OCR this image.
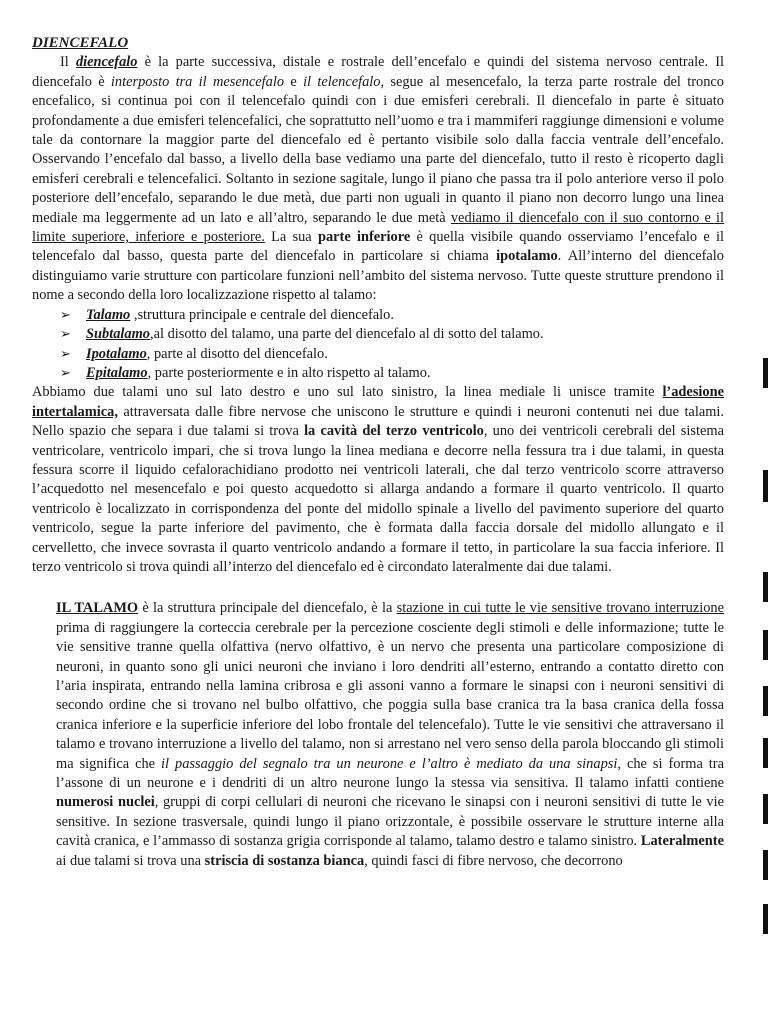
DIENCEFALO

Il diencefalo è la parte successiva, distale e rostrale dell’encefalo e quindi del sistema nervoso centrale. Il diencefalo è interposto tra il mesencefalo e il telencefalo, segue al mesencefalo, la terza parte rostrale del tronco encefalico, si continua poi con il telencefalo quindi con i due emisferi cerebrali. Il diencefalo in parte è situato profondamente a due emisferi telencefalici, che soprattutto nell’uomo e tra i mammiferi raggiunge dimensioni e volume tale da contornare la maggior parte del diencefalo ed è pertanto visibile solo dalla faccia ventrale dell’encefalo. Osservando l’encefalo dal basso, a livello della base vediamo una parte del diencefalo, tutto il resto è ricoperto dagli emisferi cerebrali e telencefalici. Soltanto in sezione sagitale, lungo il piano che passa tra il polo anteriore verso il polo posteriore dell’encefalo, separando le due metà, due parti non uguali in quanto il piano non decorro lungo una linea mediale ma leggermente ad un lato e all’altro, separando le due metà vediamo il diencefalo con il suo contorno e il limite superiore, inferiore e posteriore. La sua parte inferiore è quella visibile quando osserviamo l’encefalo e il telencefalo dal basso, questa parte del diencefalo in particolare si chiama ipotalamo. All’interno del diencefalo distinguiamo varie strutture con particolare funzioni nell’ambito del sistema nervoso. Tutte queste strutture prendono il nome a secondo della loro localizzazione rispetto al talamo:

➢ Talamo ,struttura principale e centrale del diencefalo.
➢ Subtalamo,al disotto del talamo, una parte del diencefalo al di sotto del talamo.
➢ Ipotalamo, parte al disotto del diencefalo.
➢ Epitalamo, parte posteriormente e in alto rispetto al talamo.

Abbiamo due talami uno sul lato destro e uno sul lato sinistro, la linea mediale li unisce tramite l’adesione intertalamica, attraversata dalle fibre nervose che uniscono le strutture e quindi i neuroni contenuti nei due talami. Nello spazio che separa i due talami si trova la cavità del terzo ventricolo, uno dei ventricoli cerebrali del sistema ventricolare, ventricolo impari, che si trova lungo la linea mediana e decorre nella fessura tra i due talami, in questa fessura scorre il liquido cefalorachidiano prodotto nei ventricoli laterali, che dal terzo ventricolo scorre attraverso l’acquedotto nel mesencefalo e poi questo acquedotto si allarga andando a formare il quarto ventricolo. Il quarto ventricolo è localizzato in corrispondenza del ponte del midollo spinale a livello del pavimento superiore del quarto ventricolo, segue la parte inferiore del pavimento, che è formata dalla faccia dorsale del midollo allungato e il cervelletto, che invece sovrasta il quarto ventricolo andando a formare il tetto, in particolare la sua faccia inferiore. Il terzo ventricolo si trova quindi all’interzo del diencefalo ed è circondato lateralmente dai due talami.

IL TALAMO è la struttura principale del diencefalo, è la stazione in cui tutte le vie sensitive trovano interruzione prima di raggiungere la corteccia cerebrale per la percezione cosciente degli stimoli e delle informazione; tutte le vie sensitive tranne quella olfattiva (nervo olfattivo, è un nervo che presenta una particolare composizione di neuroni, in quanto sono gli unici neuroni che inviano i loro dendriti all’esterno, entrando a contatto diretto con l’aria inspirata, entrando nella lamina cribrosa e gli assoni vanno a formare le sinapsi con i neuroni sensitivi di secondo ordine che si trovano nel bulbo olfattivo, che poggia sulla base cranica tra la basa cranica della fossa cranica inferiore e la superficie inferiore del lobo frontale del telencefalo). Tutte le vie sensitivi che attraversano il talamo e trovano interruzione a livello del talamo, non si arrestano nel vero senso della parola bloccando gli stimoli ma significa che il passaggio del segnalo tra un neurone e l’altro è mediato da una sinapsi, che si forma tra l’assone di un neurone e i dendriti di un altro neurone lungo la stessa via sensitiva. Il talamo infatti contiene numerosi nuclei, gruppi di corpi cellulari di neuroni che ricevano le sinapsi con i neuroni sensitivi di tutte le vie sensitive. In sezione trasversale, quindi lungo il piano orizzontale, è possibile osservare le strutture interne alla cavità cranica, e l’ammasso di sostanza grigia corrisponde al talamo, talamo destro e talamo sinistro. Lateralmente ai due talami si trova una striscia di sostanza bianca, quindi fasci di fibre nervoso, che decorrono
